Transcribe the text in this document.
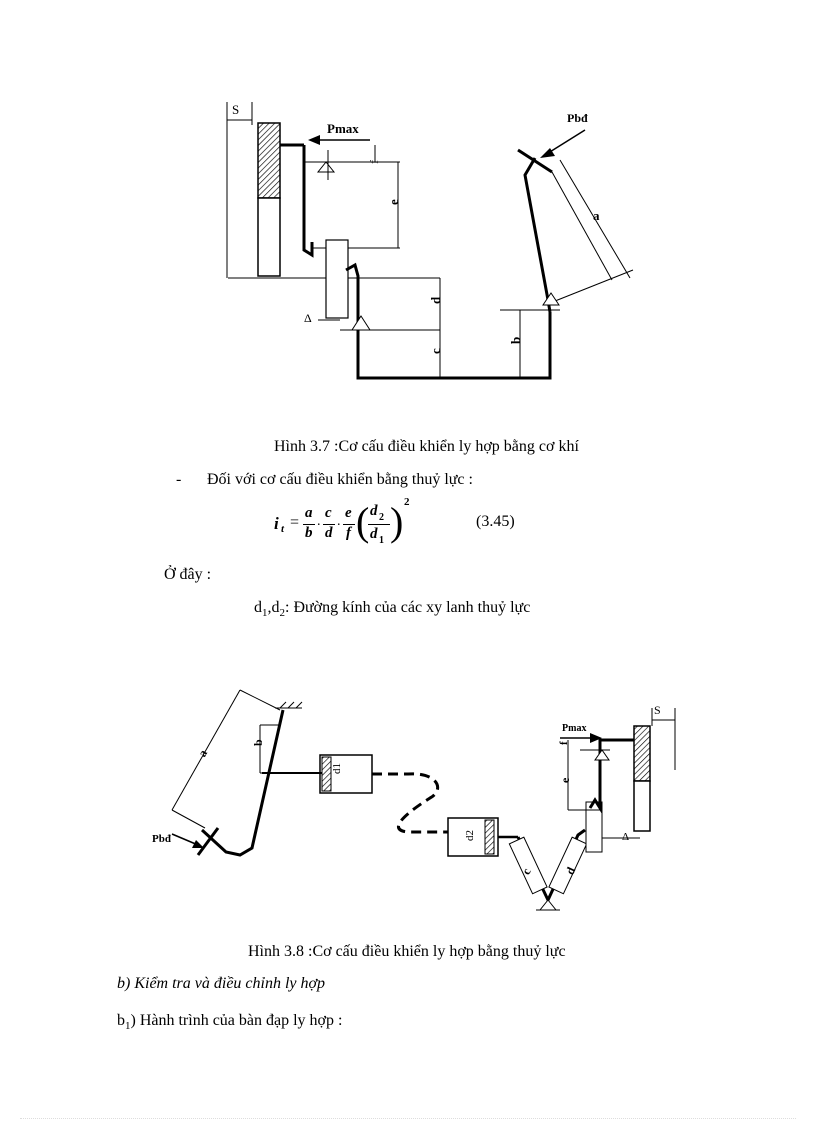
S
Pmax
f
e
Δ
d
c
Pbđ
a
b
Hình 3.7 :Cơ cấu điều khiển ly hợp bằng cơ khí
- Đối với cơ cấu điều khiển bằng thuỷ lực :
i t =
a
b
.
c
d
.
e
f ( d 2
d 1 ) 2
(3.45)
Ở đây :
$d_1,d_2$: Đường kính của các xy lanh thuỷ lực
a
b
Pbđ
d1
d2
c d
Δ
f
e
Pmax
S
Hình 3.8 :Cơ cấu điều khiển ly hợp bằng thuỷ lực
b) Kiểm tra và điều chỉnh ly hợp
$b_1$) Hành trình của bàn đạp ly hợp :
